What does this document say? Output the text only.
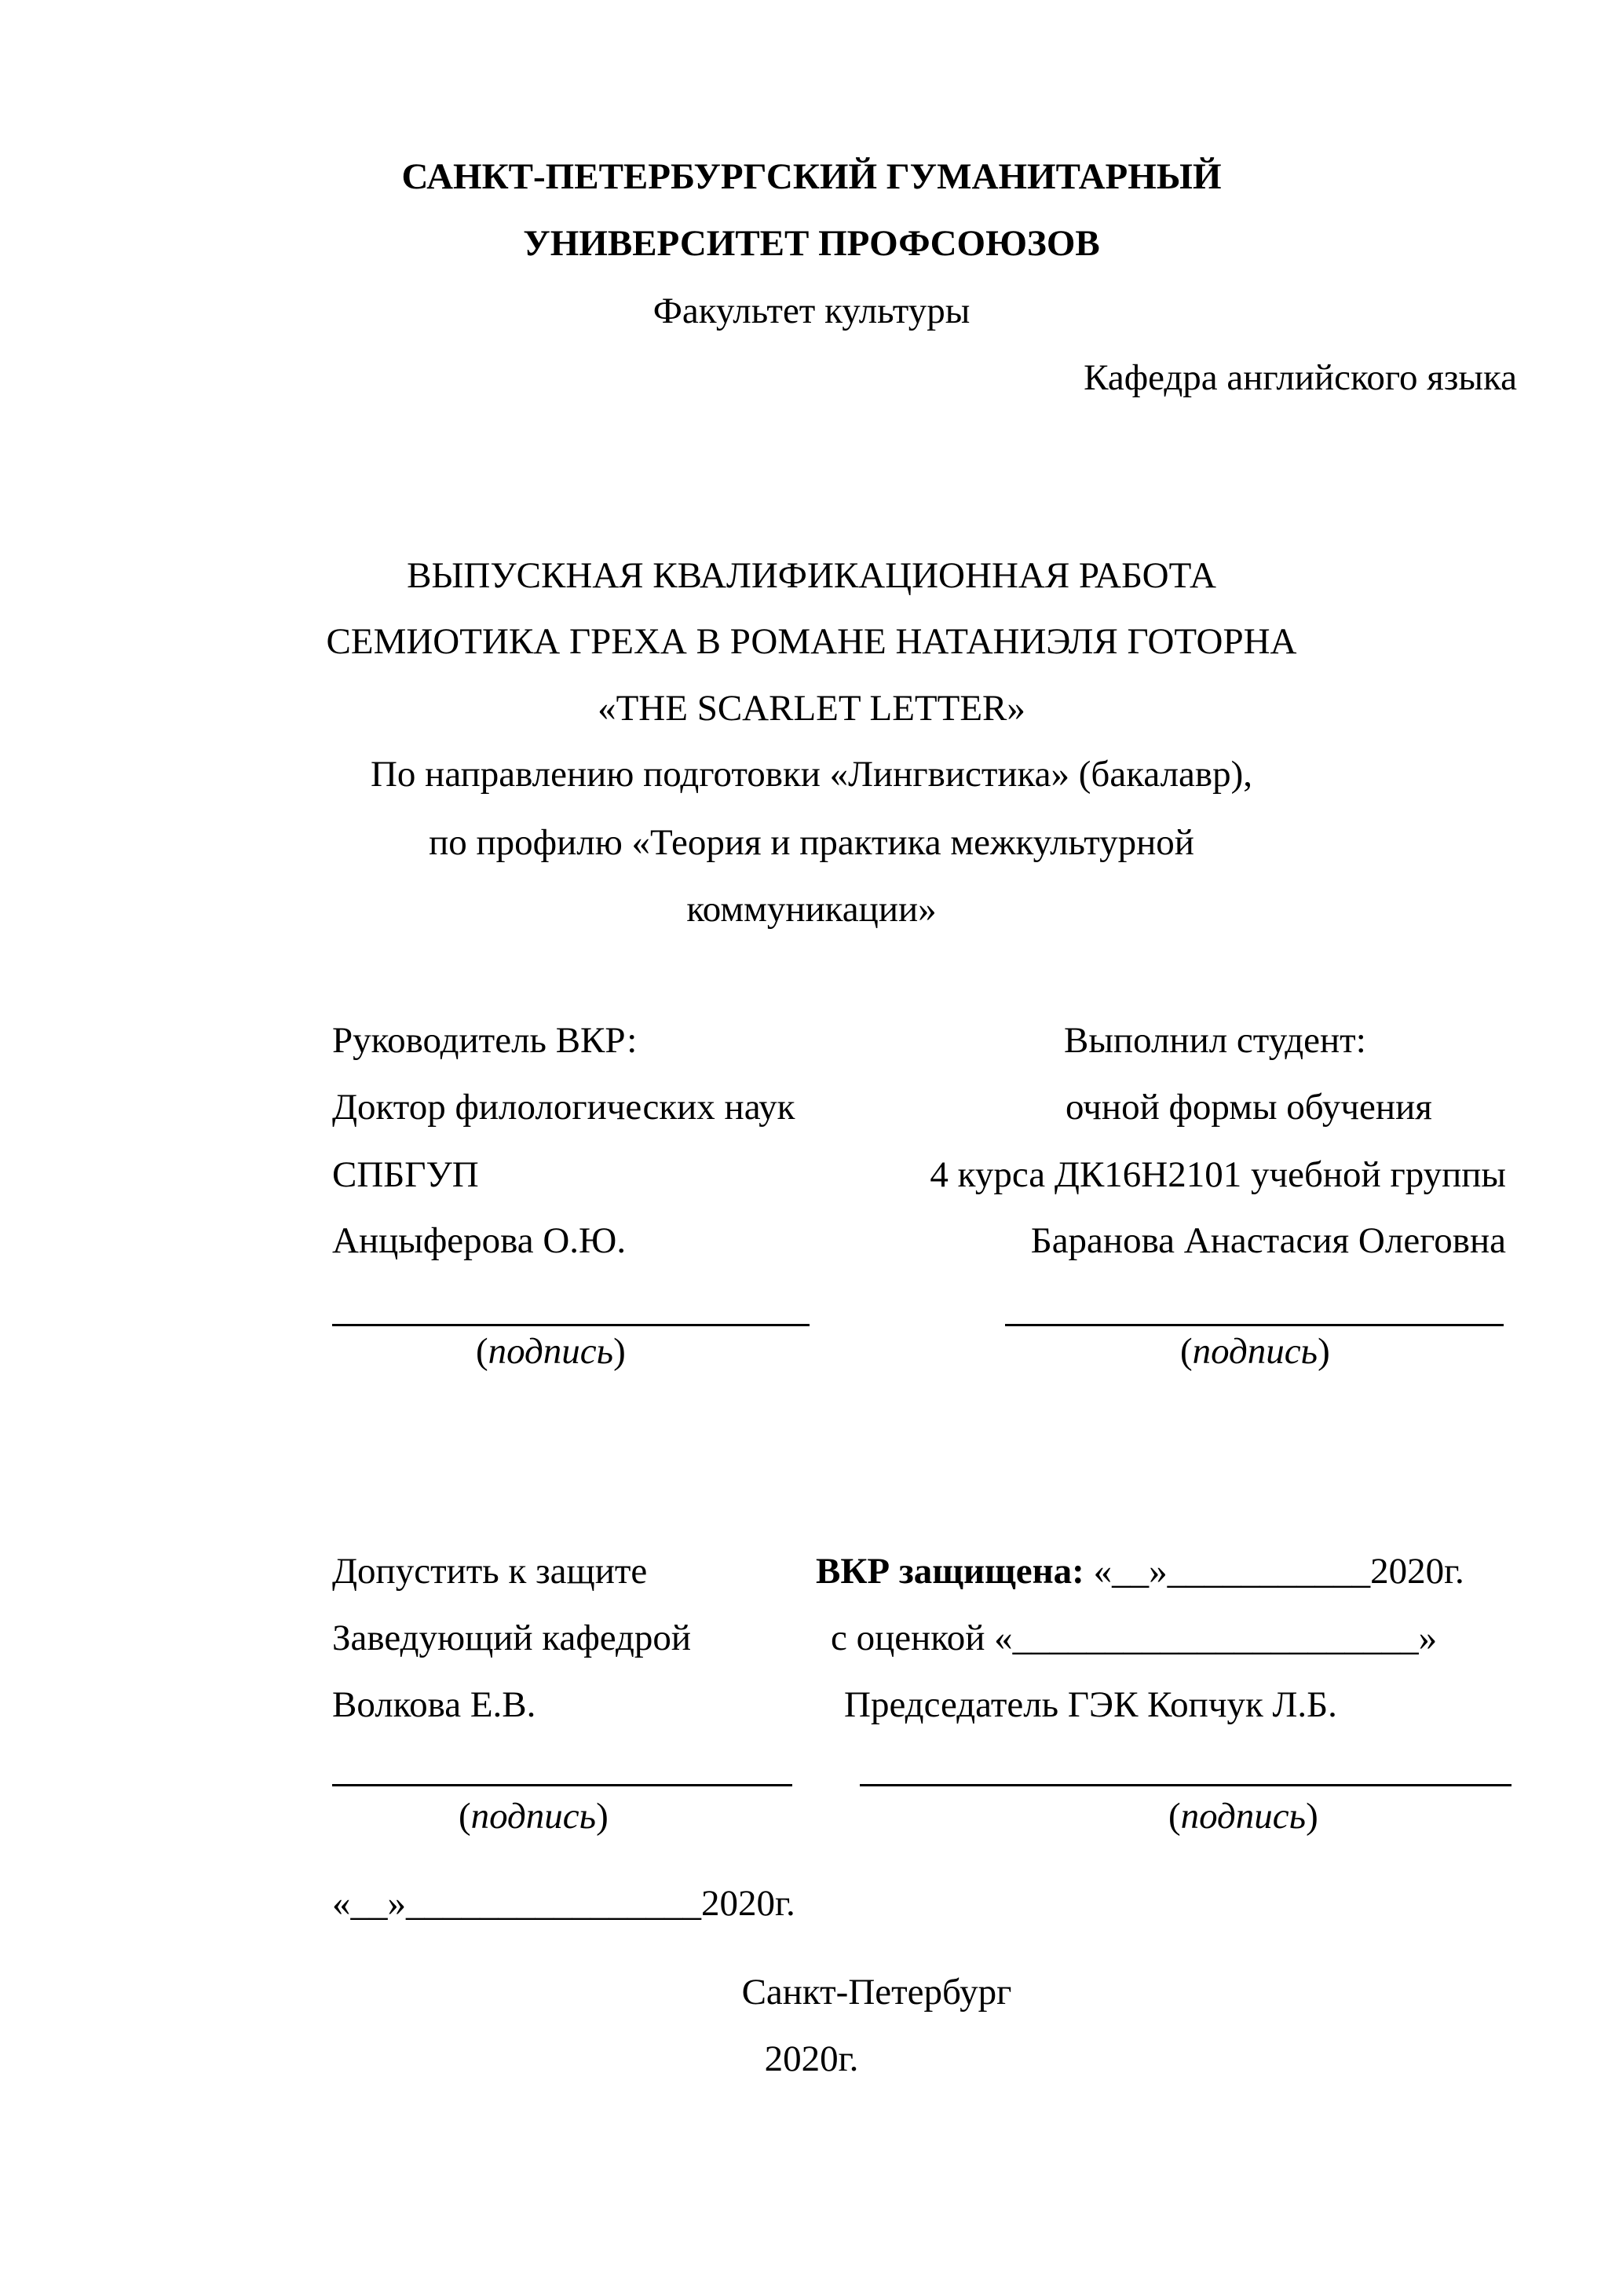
САНКТ-ПЕТЕРБУРГСКИЙ ГУМАНИТАРНЫЙ
УНИВЕРСИТЕТ ПРОФСОЮЗОВ
Факультет культуры
Кафедра английского языка
ВЫПУСКНАЯ КВАЛИФИКАЦИОННАЯ РАБОТА
СЕМИОТИКА ГРЕХА В РОМАНЕ НАТАНИЭЛЯ ГОТОРНА
«THE SCARLET LETTER»
По направлению подготовки «Лингвистика» (бакалавр),
по профилю «Теория и практика межкультурной
коммуникации»
Руководитель ВКР:
Доктор филологических наук
СПБГУП
Анцыферова О.Ю.
(подпись)
Выполнил студент:
очной формы обучения
4 курса ДК16Н2101 учебной группы
Баранова Анастасия Олеговна
(подпись)
Допустить к защите
Заведующий кафедрой
Волкова Е.В.
(подпись)
ВКР защищена: «__»___________2020г.
с оценкой «______________________»
Председатель ГЭК Копчук Л.Б.
(подпись)
«__»________________2020г.
Санкт-Петербург
2020г.
